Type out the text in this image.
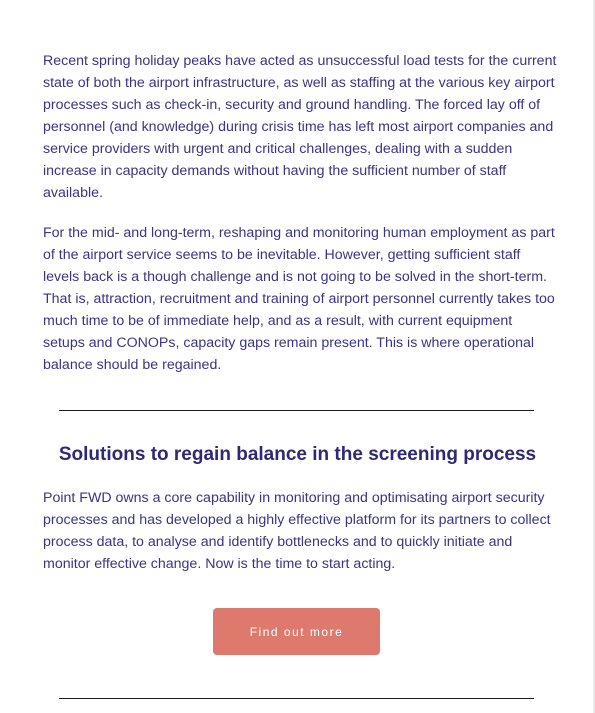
Recent spring holiday peaks have acted as unsuccessful load tests for the current state of both the airport infrastructure, as well as staffing at the various key airport processes such as check-in, security and ground handling. The forced lay off of personnel (and knowledge) during crisis time has left most airport companies and service providers with urgent and critical challenges, dealing with a sudden increase in capacity demands without having the sufficient number of staff available.

For the mid- and long-term, reshaping and monitoring human employment as part of the airport service seems to be inevitable. However, getting sufficient staff levels back is a though challenge and is not going to be solved in the short-term. That is, attraction, recruitment and training of airport personnel currently takes too much time to be of immediate help, and as a result, with current equipment setups and CONOPs, capacity gaps remain present. This is where operational balance should be regained.

Solutions to regain balance in the screening process

Point FWD owns a core capability in monitoring and optimisating airport security processes and has developed a highly effective platform for its partners to collect process data, to analyse and identify bottlenecks and to quickly initiate and monitor effective change. Now is the time to start acting.

Find out more
